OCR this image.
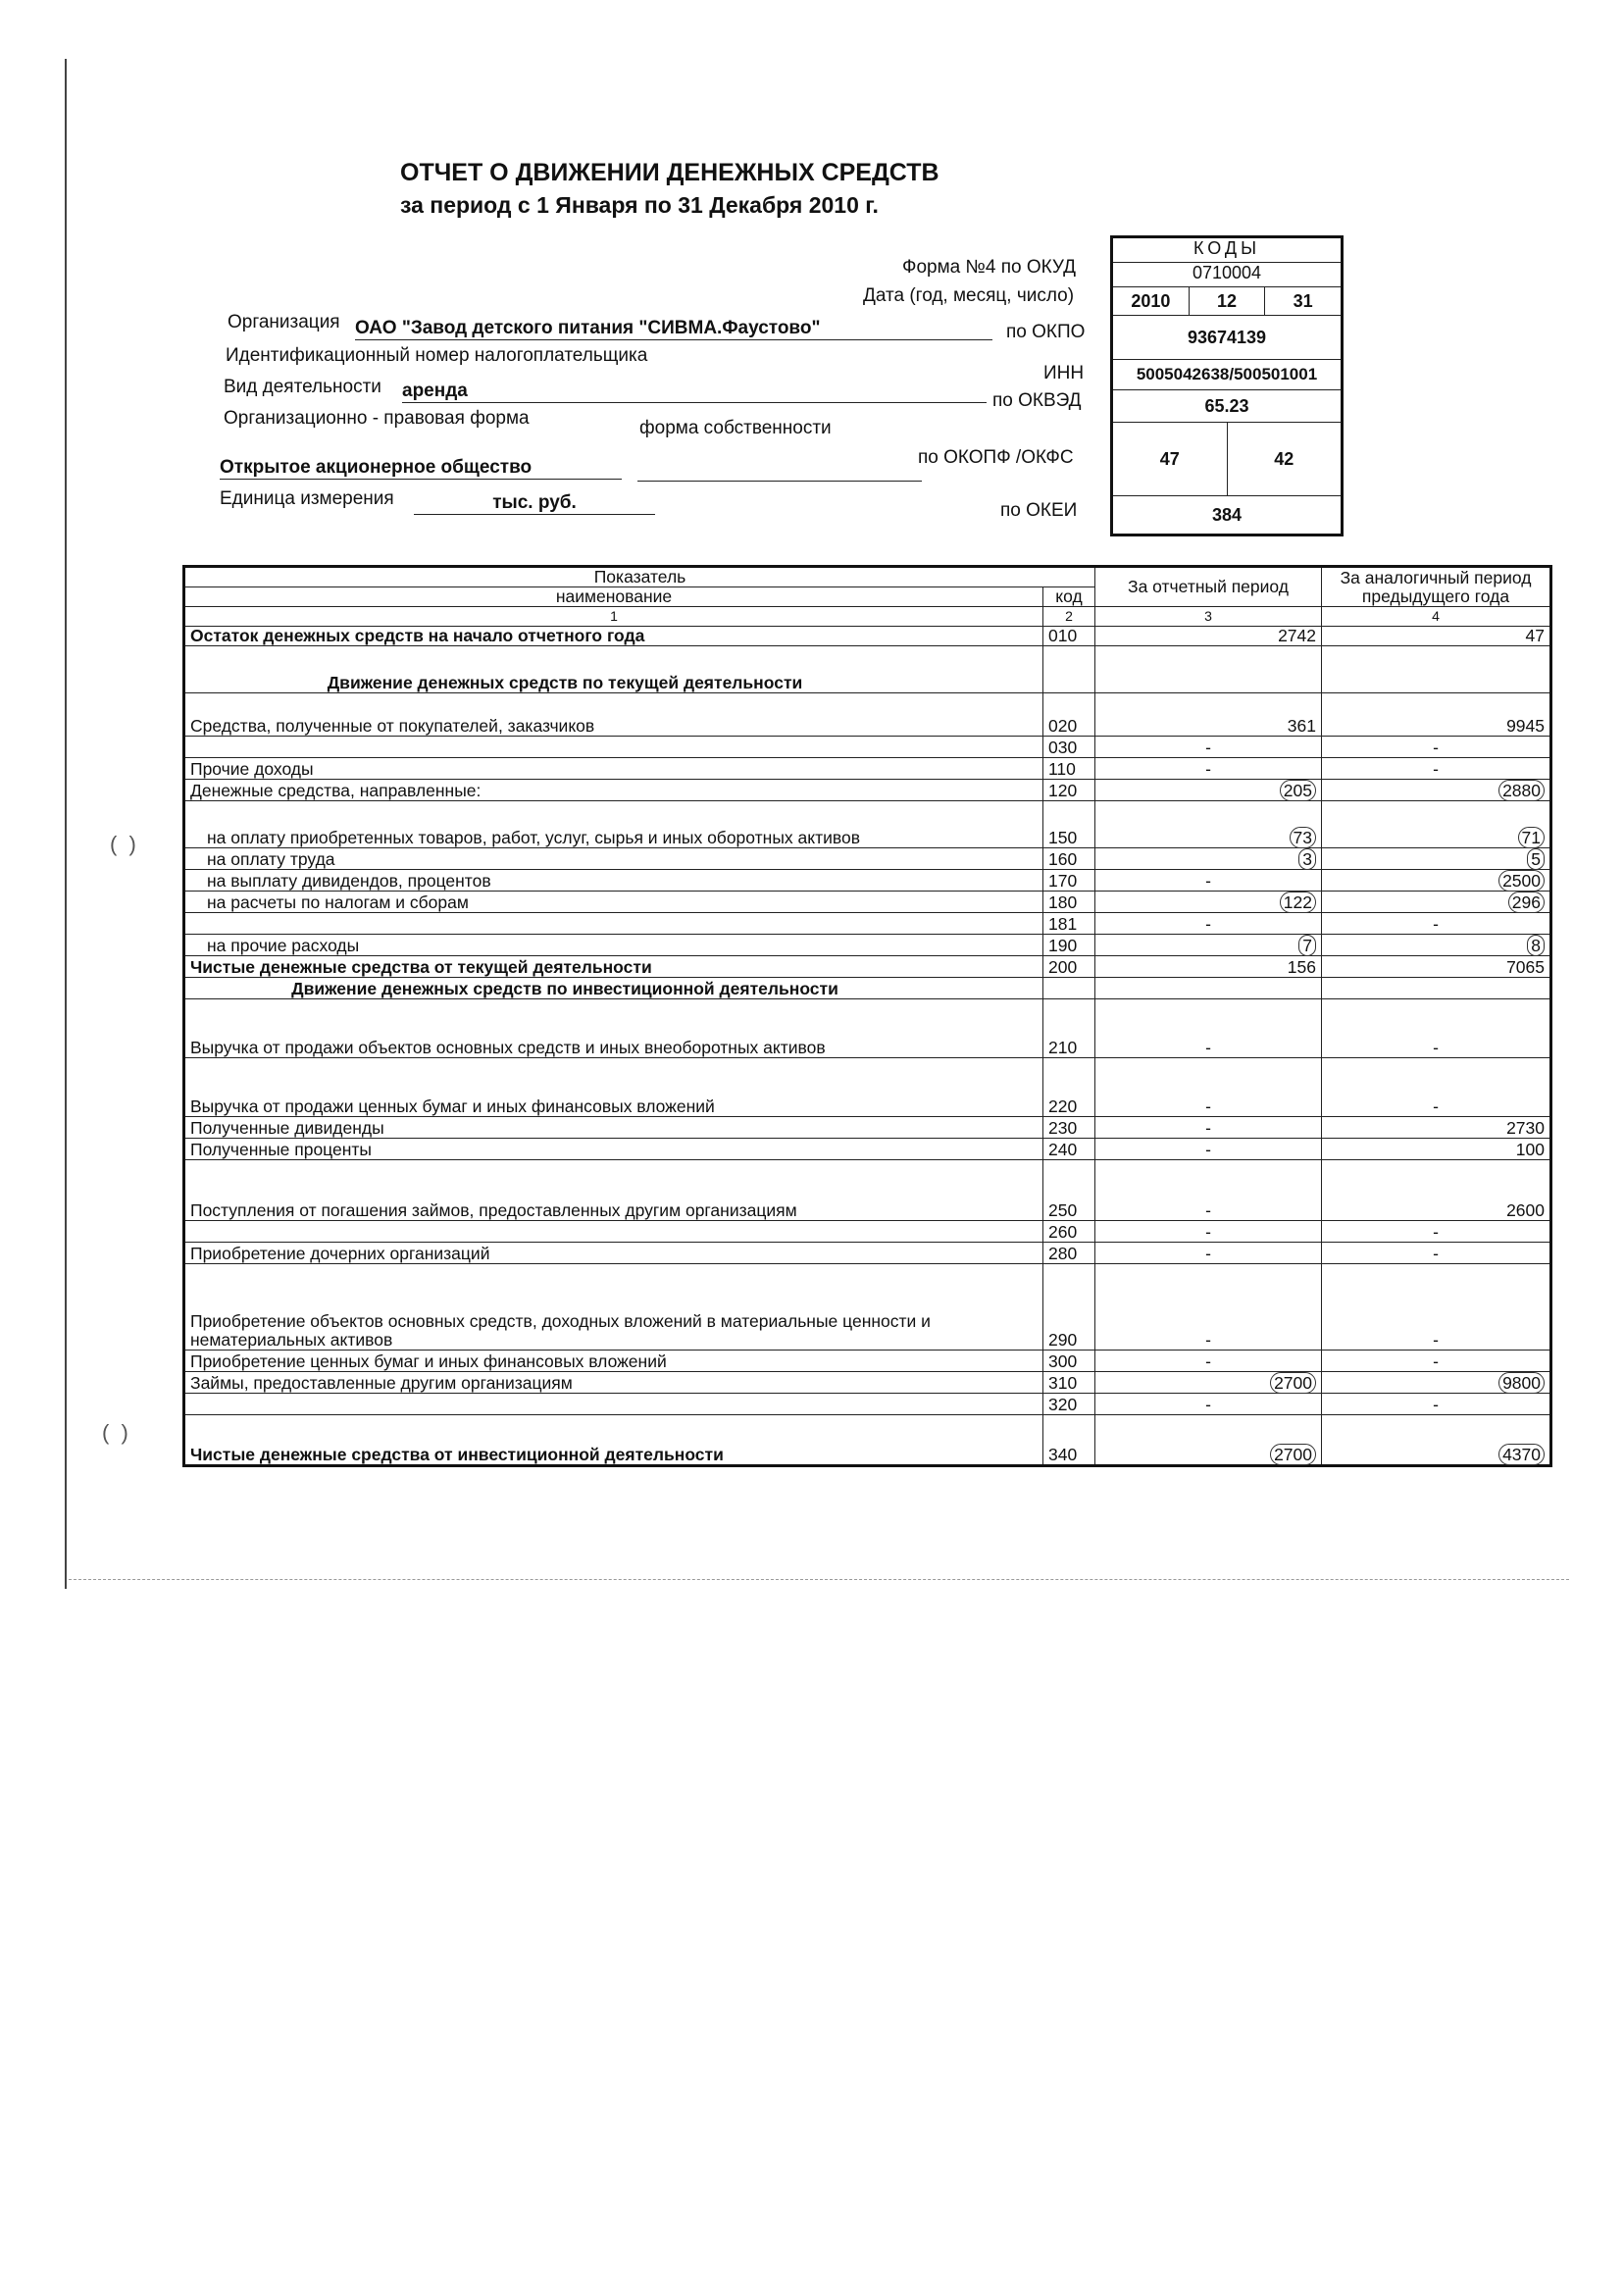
(  )
(  )
ОТЧЕТ О ДВИЖЕНИИ ДЕНЕЖНЫХ СРЕДСТВ
за период с 1 Января по 31 Декабря 2010 г.
Форма №4 по ОКУД
Дата (год, месяц, число)
по ОКПО
ИНН
по ОКВЭД
по ОКОПФ /ОКФС
по ОКЕИ
КОДЫ
0710004
2010	12	31
93674139
5005042638/500501001
65.23
47	42
384
Организация ОАО "Завод детского питания "СИВМА.Фаустово"
Идентификационный номер налогоплательщика
Вид деятельности аренда
Организационно - правовая форма	форма собственности
Открытое акционерное общество
Единица измерения	тыс. руб.
Показатель		За отчетный период	За аналогичный период предыдущего года
наименование	код		
1	2	3	4
Остаток денежных средств на начало отчетного года	010	2742	47
Движение денежных средств по текущей деятельности			
Средства, полученные от покупателей, заказчиков	020	361	9945
	030	-	-
Прочие доходы	110	-	-
Денежные средства, направленные:	120	205	2880
на оплату приобретенных товаров, работ, услуг, сырья и иных оборотных активов	150	73	71
на оплату труда	160	3	5
на выплату дивидендов, процентов	170	-	2500
на расчеты по налогам и сборам	180	122	296
	181	-	-
на прочие расходы	190	7	8
Чистые денежные средства от текущей деятельности	200	156	7065
Движение денежных средств по инвестиционной деятельности			
Выручка от продажи объектов основных средств и иных внеоборотных активов	210	-	-
Выручка от продажи ценных бумаг и иных финансовых вложений	220	-	-
Полученные дивиденды	230	-	2730
Полученные проценты	240	-	100
Поступления от погашения займов, предоставленных другим организациям	250	-	2600
	260	-	-
Приобретение дочерних организаций	280	-	-
Приобретение объектов основных средств, доходных вложений в материальные ценности и нематериальных активов	290	-	-
Приобретение ценных бумаг и иных финансовых вложений	300	-	-
Займы, предоставленные другим организациям	310	2700	9800
	320	-	-
Чистые денежные средства от инвестиционной деятельности	340	2700	4370
